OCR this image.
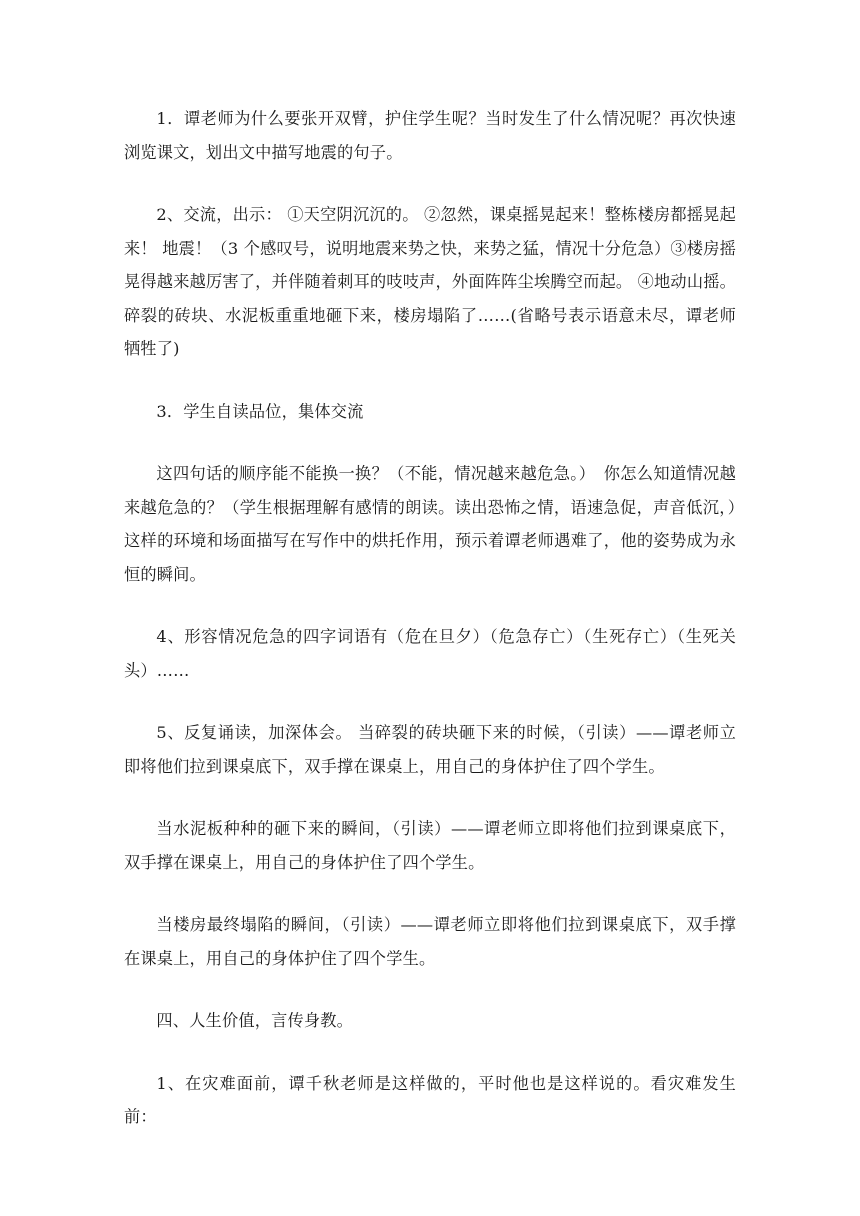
1．谭老师为什么要张开双臂，护住学生呢？当时发生了什么情况呢？再次快速浏览课文，划出文中描写地震的句子。

2、交流，出示： ①天空阴沉沉的。 ②忽然，课桌摇晃起来！整栋楼房都摇晃起来！ 地震！（3 个感叹号，说明地震来势之快，来势之猛，情况十分危急）③楼房摇晃得越来越厉害了，并伴随着刺耳的吱吱声，外面阵阵尘埃腾空而起。 ④地动山摇。碎裂的砖块、水泥板重重地砸下来，楼房塌陷了……(省略号表示语意未尽，谭老师牺牲了)

3．学生自读品位，集体交流

这四句话的顺序能不能换一换？（不能，情况越来越危急。）　你怎么知道情况越来越危急的？（学生根据理解有感情的朗读。读出恐怖之情，语速急促，声音低沉，）这样的环境和场面描写在写作中的烘托作用，预示着谭老师遇难了，他的姿势成为永恒的瞬间。

4、形容情况危急的四字词语有（危在旦夕）（危急存亡）（生死存亡）（生死关头）……

5、反复诵读，加深体会。 当碎裂的砖块砸下来的时候，（引读）——谭老师立即将他们拉到课桌底下，双手撑在课桌上，用自己的身体护住了四个学生。

当水泥板种种的砸下来的瞬间，（引读）——谭老师立即将他们拉到课桌底下，双手撑在课桌上，用自己的身体护住了四个学生。

当楼房最终塌陷的瞬间，（引读）——谭老师立即将他们拉到课桌底下，双手撑在课桌上，用自己的身体护住了四个学生。

四、人生价值，言传身教。

1、在灾难面前，谭千秋老师是这样做的，平时他也是这样说的。看灾难发生前：
